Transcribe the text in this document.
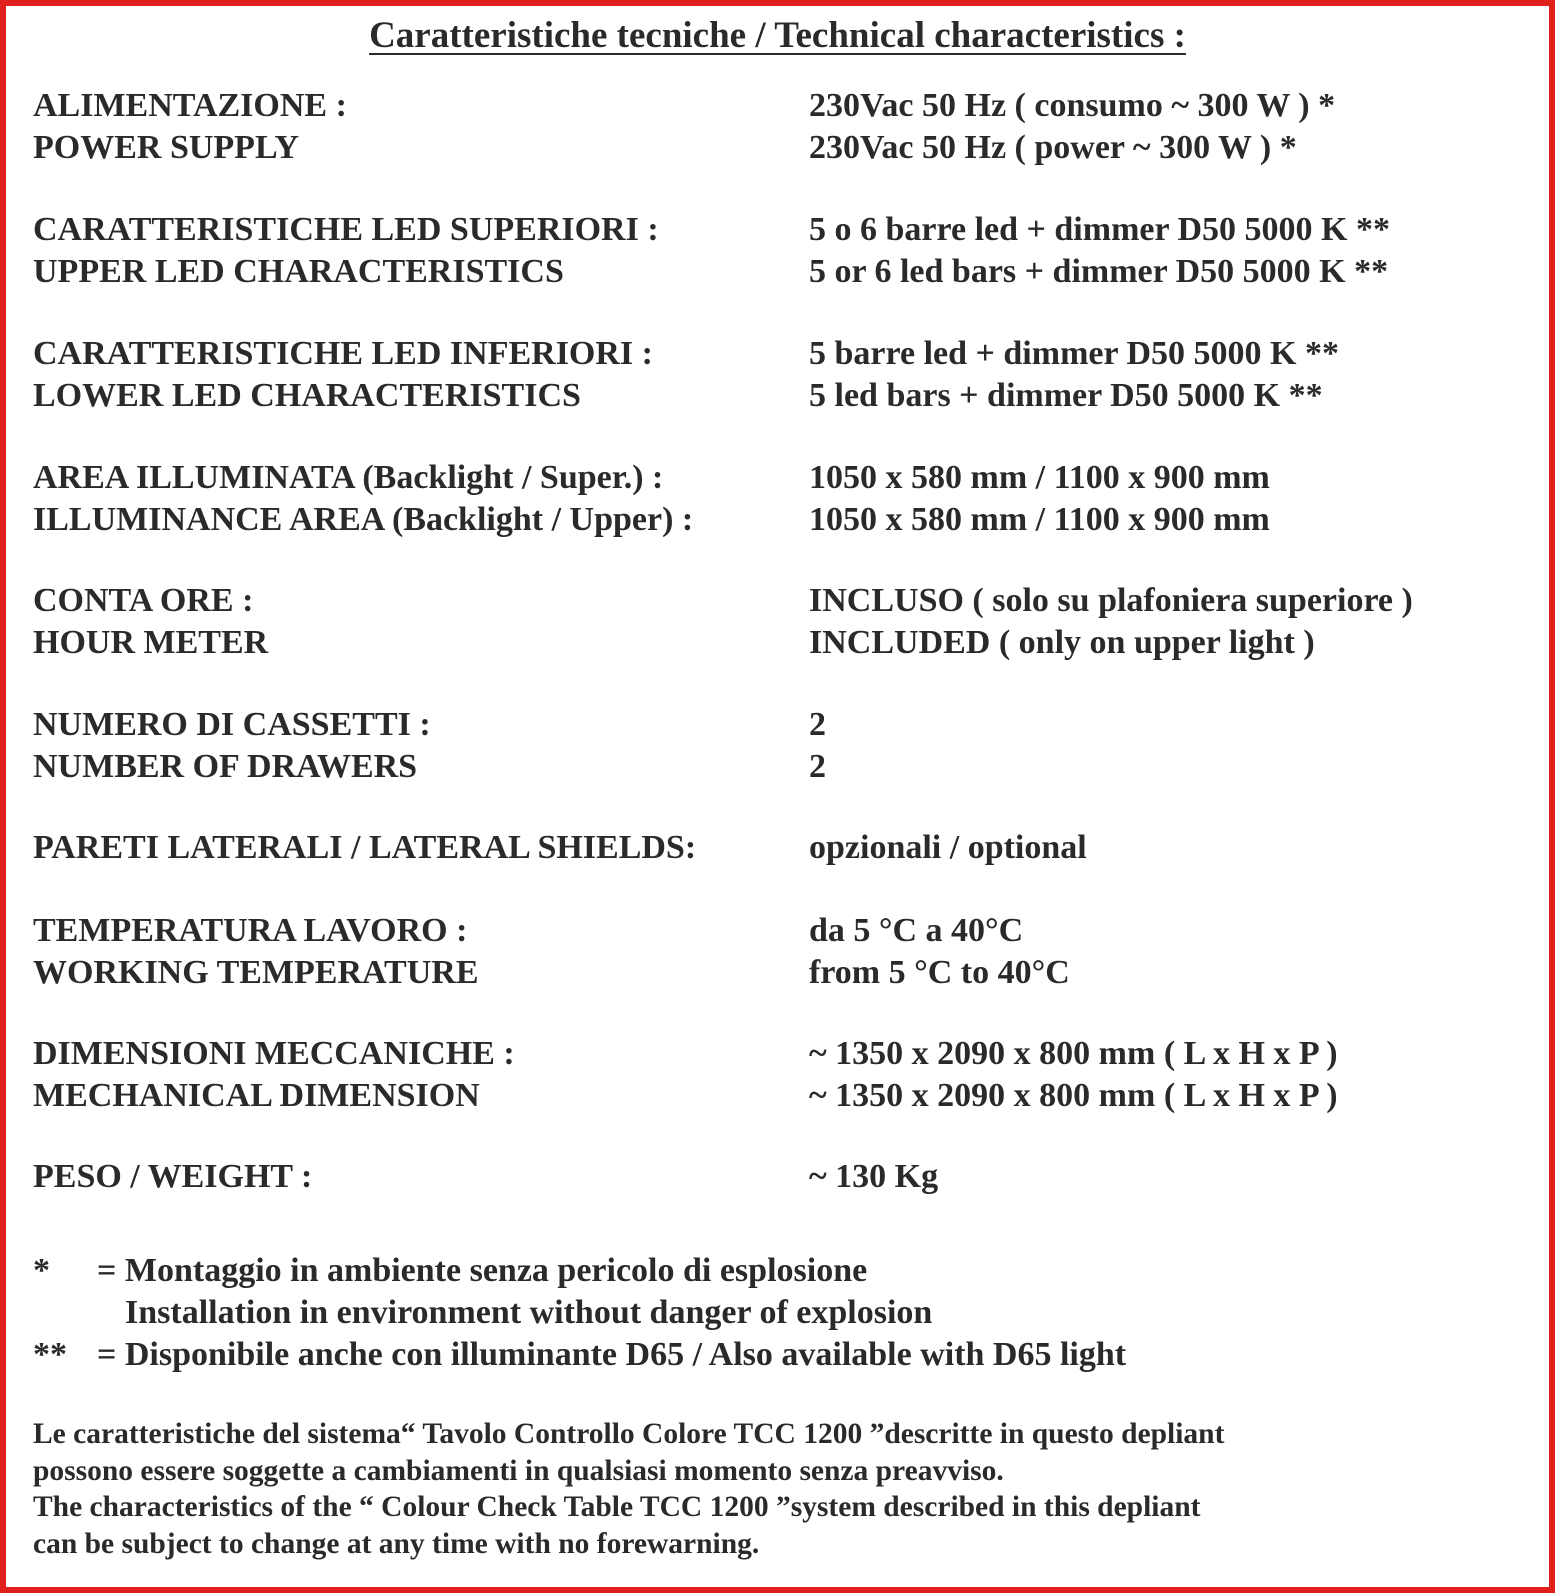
Caratteristiche tecniche / Technical characteristics :
ALIMENTAZIONE :	230Vac 50 Hz ( consumo ~ 300 W ) *
POWER SUPPLY	230Vac 50 Hz ( power ~ 300 W ) *
CARATTERISTICHE LED SUPERIORI :	5 o 6 barre led + dimmer D50 5000 K **
UPPER LED CHARACTERISTICS	5 or 6 led bars + dimmer D50 5000 K **
CARATTERISTICHE LED INFERIORI :	5 barre led + dimmer D50 5000 K **
LOWER LED CHARACTERISTICS	5 led bars + dimmer D50 5000 K **
AREA ILLUMINATA (Backlight / Super.) :	1050 x 580 mm / 1100 x 900 mm
ILLUMINANCE AREA (Backlight / Upper) :	1050 x 580 mm / 1100 x 900 mm
CONTA ORE :	INCLUSO ( solo su plafoniera superiore )
HOUR METER	INCLUDED ( only on upper light )
NUMERO DI CASSETTI :	2
NUMBER OF DRAWERS	2
PARETI LATERALI / LATERAL SHIELDS:	opzionali / optional
TEMPERATURA LAVORO :	da 5 °C a 40°C
WORKING TEMPERATURE	from 5 °C to 40°C
DIMENSIONI MECCANICHE :	~ 1350 x 2090 x 800 mm ( L x H x P )
MECHANICAL DIMENSION	~ 1350 x 2090 x 800 mm ( L x H x P )
PESO / WEIGHT :	~ 130 Kg
* = Montaggio in ambiente senza pericolo di esplosione
Installation in environment without danger of explosion
** = Disponibile anche con illuminante D65 / Also available with D65 light
Le caratteristiche del sistema“ Tavolo Controllo Colore TCC 1200 ”descritte in questo depliant
possono essere soggette a cambiamenti in qualsiasi momento senza preavviso.
The characteristics of the “ Colour Check Table TCC 1200 ”system described in this depliant
can be subject to change at any time with no forewarning.
